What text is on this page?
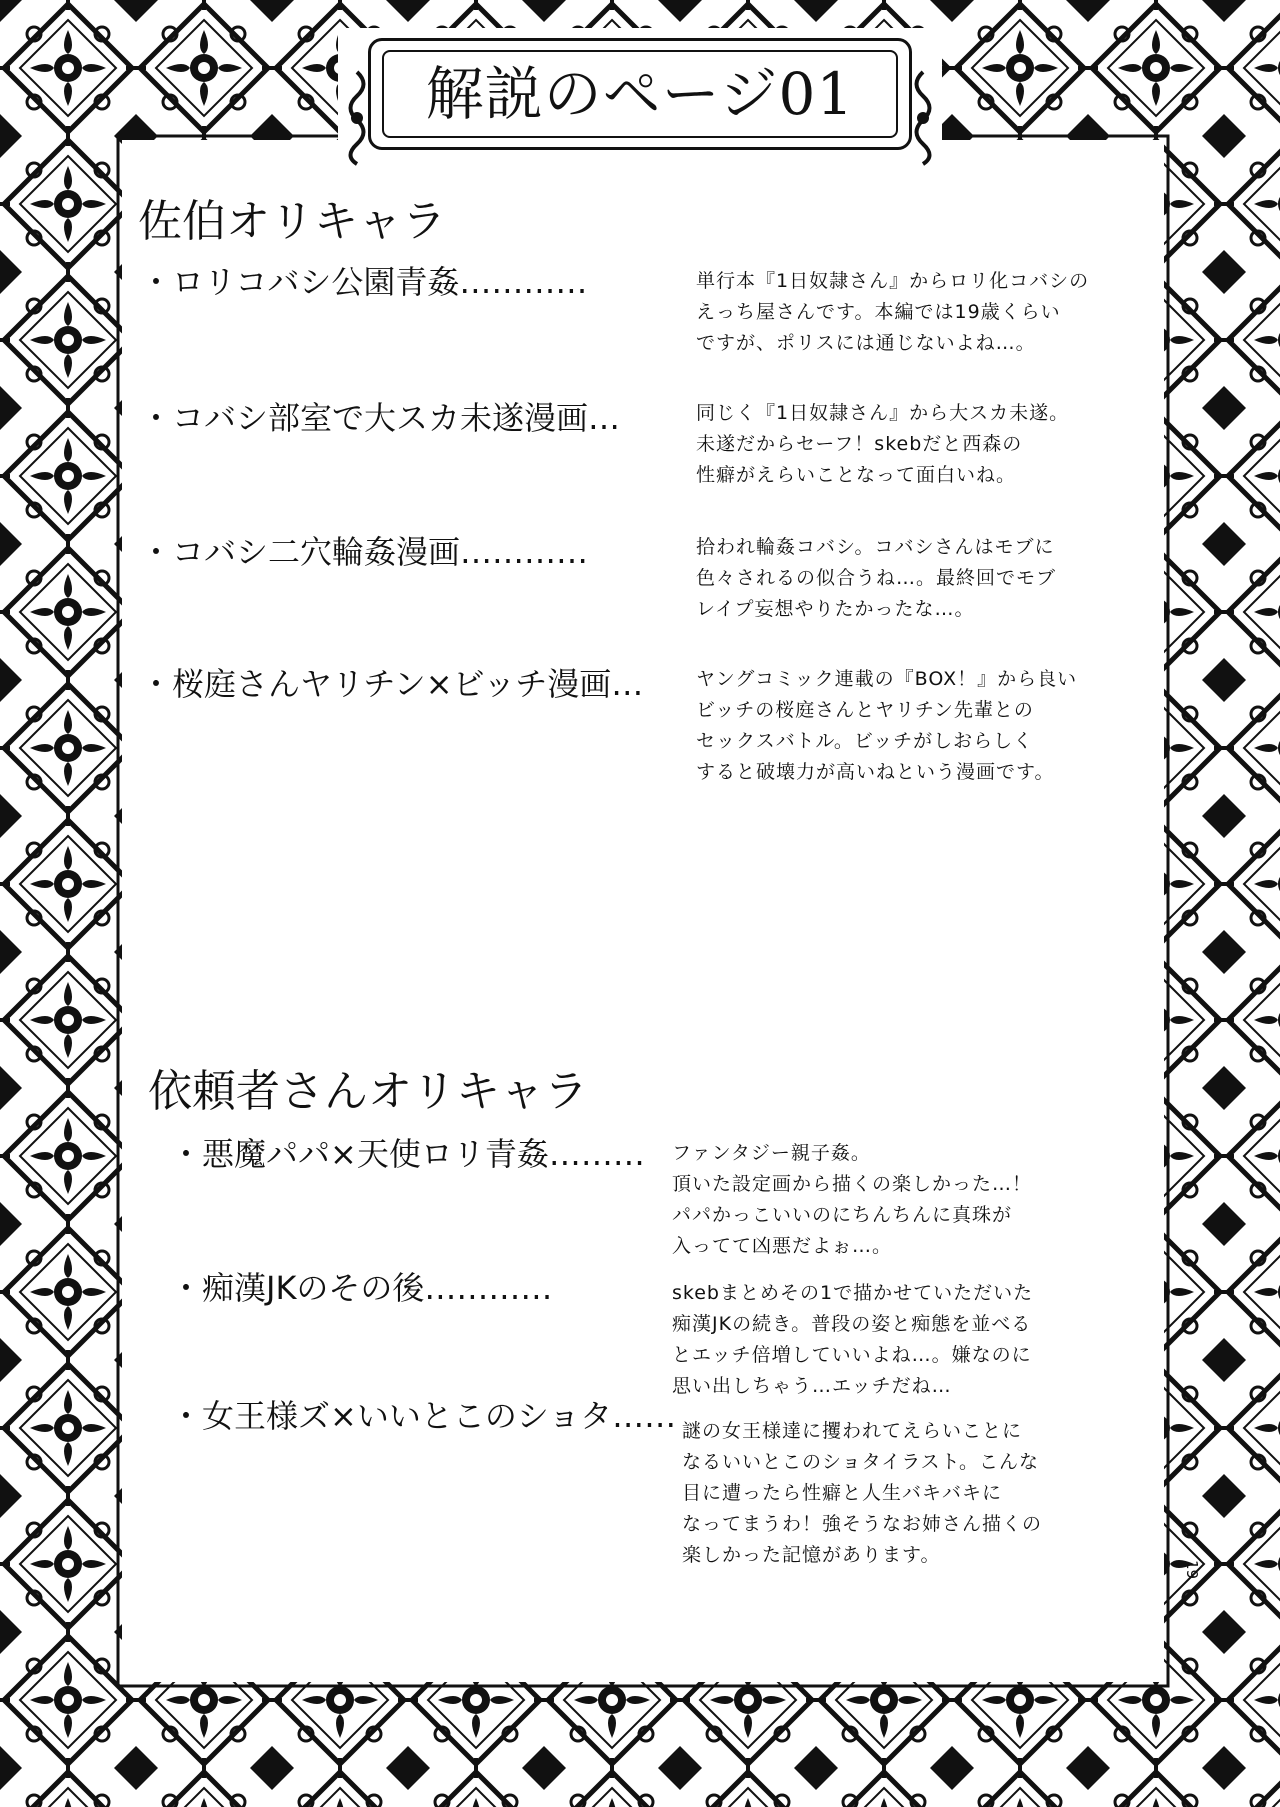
解説のページ01
佐伯オリキャラ
・ロリコバシ公園青姦…………	単行本『1日奴隷さん』からロリ化コバシの
えっち屋さんです。本編では19歳くらい
ですが、ポリスには通じないよね…。
・コバシ部室で大スカ未遂漫画…	同じく『1日奴隷さん』から大スカ未遂。
未遂だからセーフ！skebだと西森の
性癖がえらいことなって面白いね。
・コバシ二穴輪姦漫画…………	拾われ輪姦コバシ。コバシさんはモブに
色々されるの似合うね…。最終回でモブ
レイプ妄想やりたかったな…。
・桜庭さんヤリチン×ビッチ漫画…	ヤングコミック連載の『BOX！』から良い
ビッチの桜庭さんとヤリチン先輩との
セックスバトル。ビッチがしおらしく
すると破壊力が高いねという漫画です。
依頼者さんオリキャラ
・悪魔パパ×天使ロリ青姦……… ファンタジー親子姦。
頂いた設定画から描くの楽しかった…！
パパかっこいいのにちんちんに真珠が
入ってて凶悪だよぉ…。
・痴漢JKのその後…………	skebまとめその1で描かせていただいた
痴漢JKの続き。普段の姿と痴態を並べる
とエッチ倍増していいよね…。嫌なのに
思い出しちゃう…エッチだね…
・女王様ズ×いいとこのショタ…… 謎の女王様達に攫われてえらいことに
なるいいとこのショタイラスト。こんな
目に遭ったら性癖と人生バキバキに
なってまうわ！強そうなお姉さん描くの
楽しかった記憶があります。
19
